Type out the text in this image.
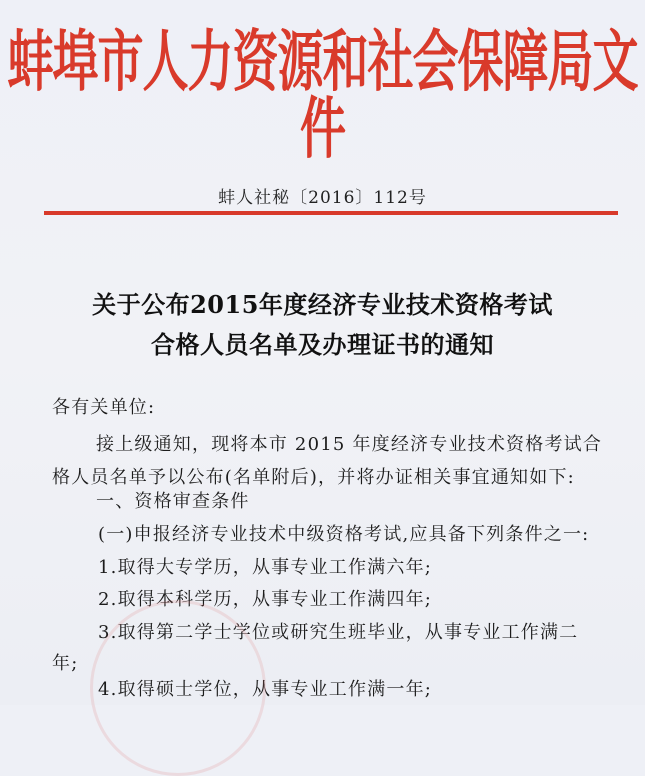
蚌埠市人力资源和社会保障局文件
蚌人社秘〔2016〕112号
关于公布2015年度经济专业技术资格考试
合格人员名单及办理证书的通知
各有关单位:
接上级通知，现将本市 2015 年度经济专业技术资格考试合
格人员名单予以公布(名单附后)，并将办证相关事宜通知如下:
一、资格审查条件
(一)申报经济专业技术中级资格考试,应具备下列条件之一:
1.取得大专学历，从事专业工作满六年;
2.取得本科学历，从事专业工作满四年;
3.取得第二学士学位或研究生班毕业，从事专业工作满二
年;
4.取得硕士学位，从事专业工作满一年;
